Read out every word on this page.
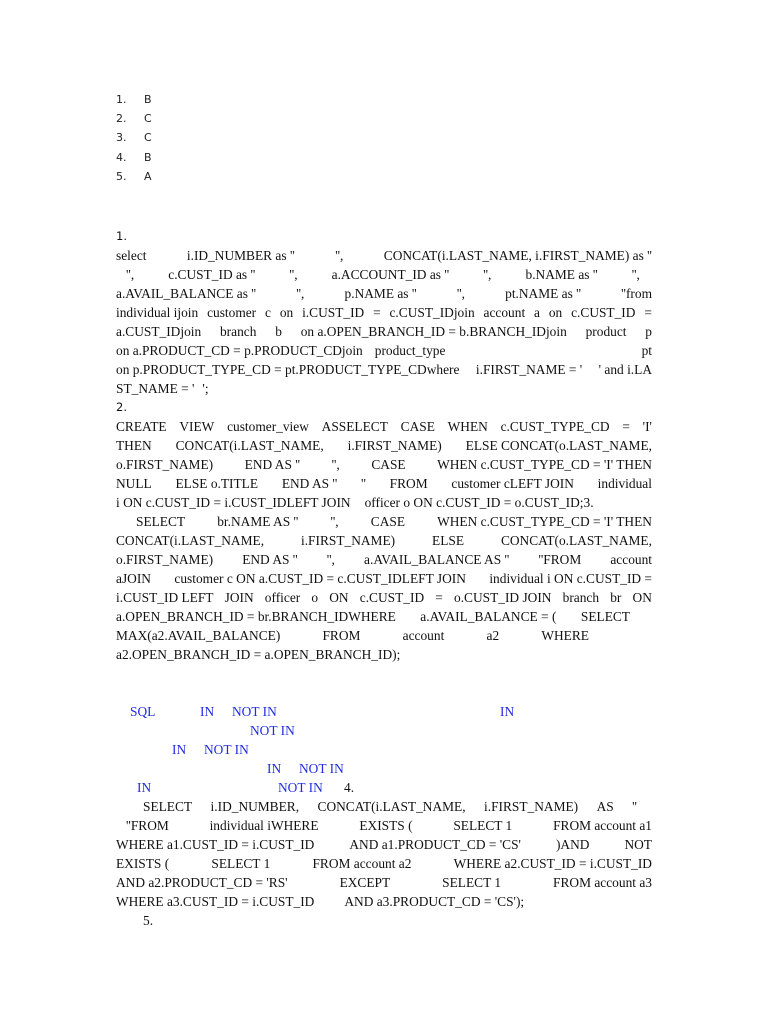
1.	B
2.	C
3.	C
4.	B
5.	A
1.
select	i.ID_NUMBER as ''	'',	CONCAT(i.LAST_NAME, i.FIRST_NAME) as ''
'',	c.CUST_ID as ''	'',	a.ACCOUNT_ID as ''	'',	b.NAME as ''	'',
a.AVAIL_BALANCE as ''	'',	p.NAME as ''	'',	pt.NAME as ''	''from
individual ijoin customer c on i.CUST_ID = c.CUST_IDjoin account a on c.CUST_ID =
a.CUST_IDjoin branch b on a.OPEN_BRANCH_ID = b.BRANCH_IDjoin product p
on a.PRODUCT_CD = p.PRODUCT_CDjoin product_type	pt
on p.PRODUCT_TYPE_CD = pt.PRODUCT_TYPE_CDwhere i.FIRST_NAME = ' ' and i.LA
ST_NAME = ' ';
2.
CREATE VIEW customer_view ASSELECT CASE WHEN c.CUST_TYPE_CD = 'I'
THEN CONCAT(i.LAST_NAME, i.FIRST_NAME) ELSE CONCAT(o.LAST_NAME,
o.FIRST_NAME) END AS '' '', CASE WHEN c.CUST_TYPE_CD = 'I' THEN
NULL ELSE o.TITLE END AS '' '' FROM customer cLEFT JOIN individual
i ON c.CUST_ID = i.CUST_IDLEFT JOIN officer o ON c.CUST_ID = o.CUST_ID;3.
SELECT br.NAME AS '' '', CASE WHEN c.CUST_TYPE_CD = 'I' THEN
CONCAT(i.LAST_NAME,	i.FIRST_NAME)	ELSE	CONCAT(o.LAST_NAME,
o.FIRST_NAME) END AS '' '', a.AVAIL_BALANCE AS '' ''FROM account
aJOIN customer c ON a.CUST_ID = c.CUST_IDLEFT JOIN individual i ON c.CUST_ID =
i.CUST_ID LEFT JOIN officer o ON c.CUST_ID = o.CUST_ID JOIN branch br ON
a.OPEN_BRANCH_ID = br.BRANCH_IDWHERE a.AVAIL_BALANCE = ( SELECT
MAX(a2.AVAIL_BALANCE)	FROM	account	a2	WHERE
a2.OPEN_BRANCH_ID = a.OPEN_BRANCH_ID);
SQL	IN NOT IN	IN
NOT IN
IN NOT IN
IN NOT IN
IN	NOT IN 4.
SELECT i.ID_NUMBER, CONCAT(i.LAST_NAME, i.FIRST_NAME) AS ''
''FROM	individual iWHERE	EXISTS (	SELECT 1	FROM account a1
WHERE a1.CUST_ID = i.CUST_ID	AND a1.PRODUCT_CD = 'CS'	)AND	NOT
EXISTS (	SELECT 1	FROM account a2	WHERE a2.CUST_ID = i.CUST_ID
AND a2.PRODUCT_CD = 'RS'	EXCEPT	SELECT 1	FROM account a3
WHERE a3.CUST_ID = i.CUST_ID AND a3.PRODUCT_CD = 'CS');
5.
